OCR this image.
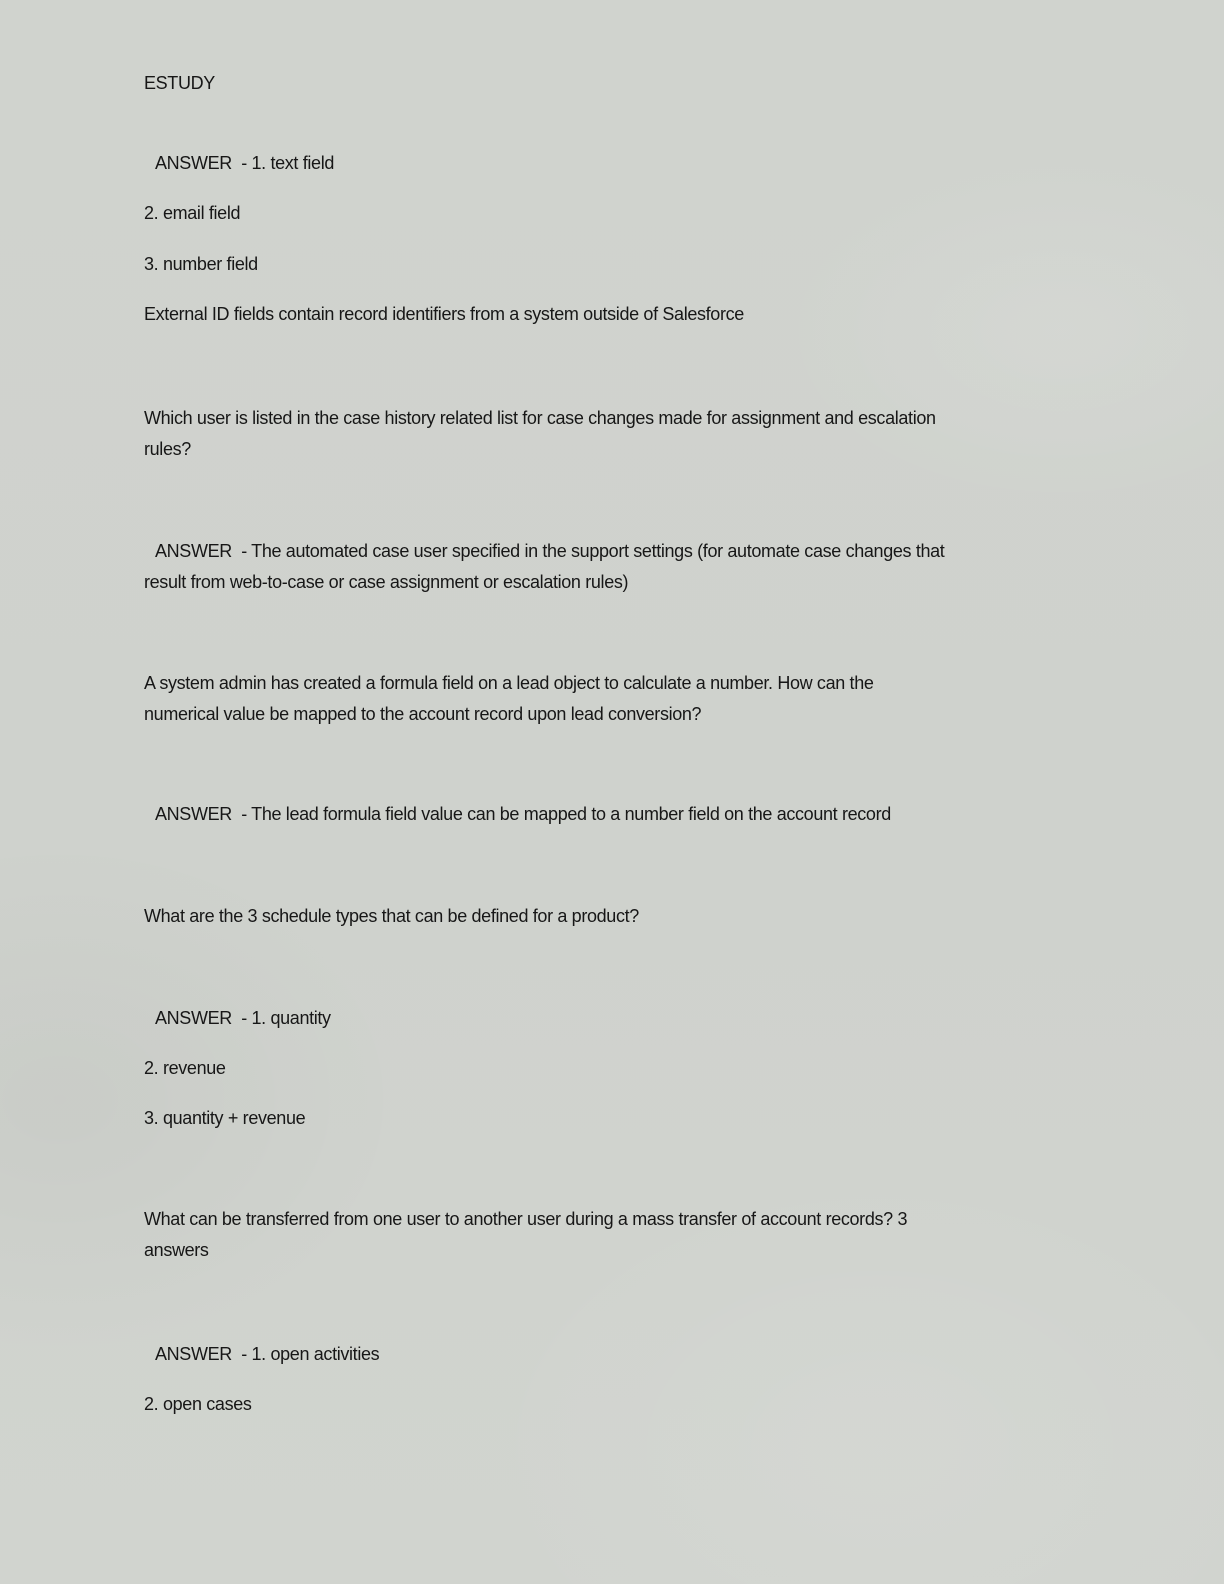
ESTUDY
ANSWER  - 1. text field
2. email field
3. number field
External ID fields contain record identifiers from a system outside of Salesforce
Which user is listed in the case history related list for case changes made for assignment and escalation
rules?
ANSWER  - The automated case user specified in the support settings (for automate case changes that
result from web-to-case or case assignment or escalation rules)
A system admin has created a formula field on a lead object to calculate a number. How can the
numerical value be mapped to the account record upon lead conversion?
ANSWER  - The lead formula field value can be mapped to a number field on the account record
What are the 3 schedule types that can be defined for a product?
ANSWER  - 1. quantity
2. revenue
3. quantity + revenue
What can be transferred from one user to another user during a mass transfer of account records? 3
answers
ANSWER  - 1. open activities
2. open cases
